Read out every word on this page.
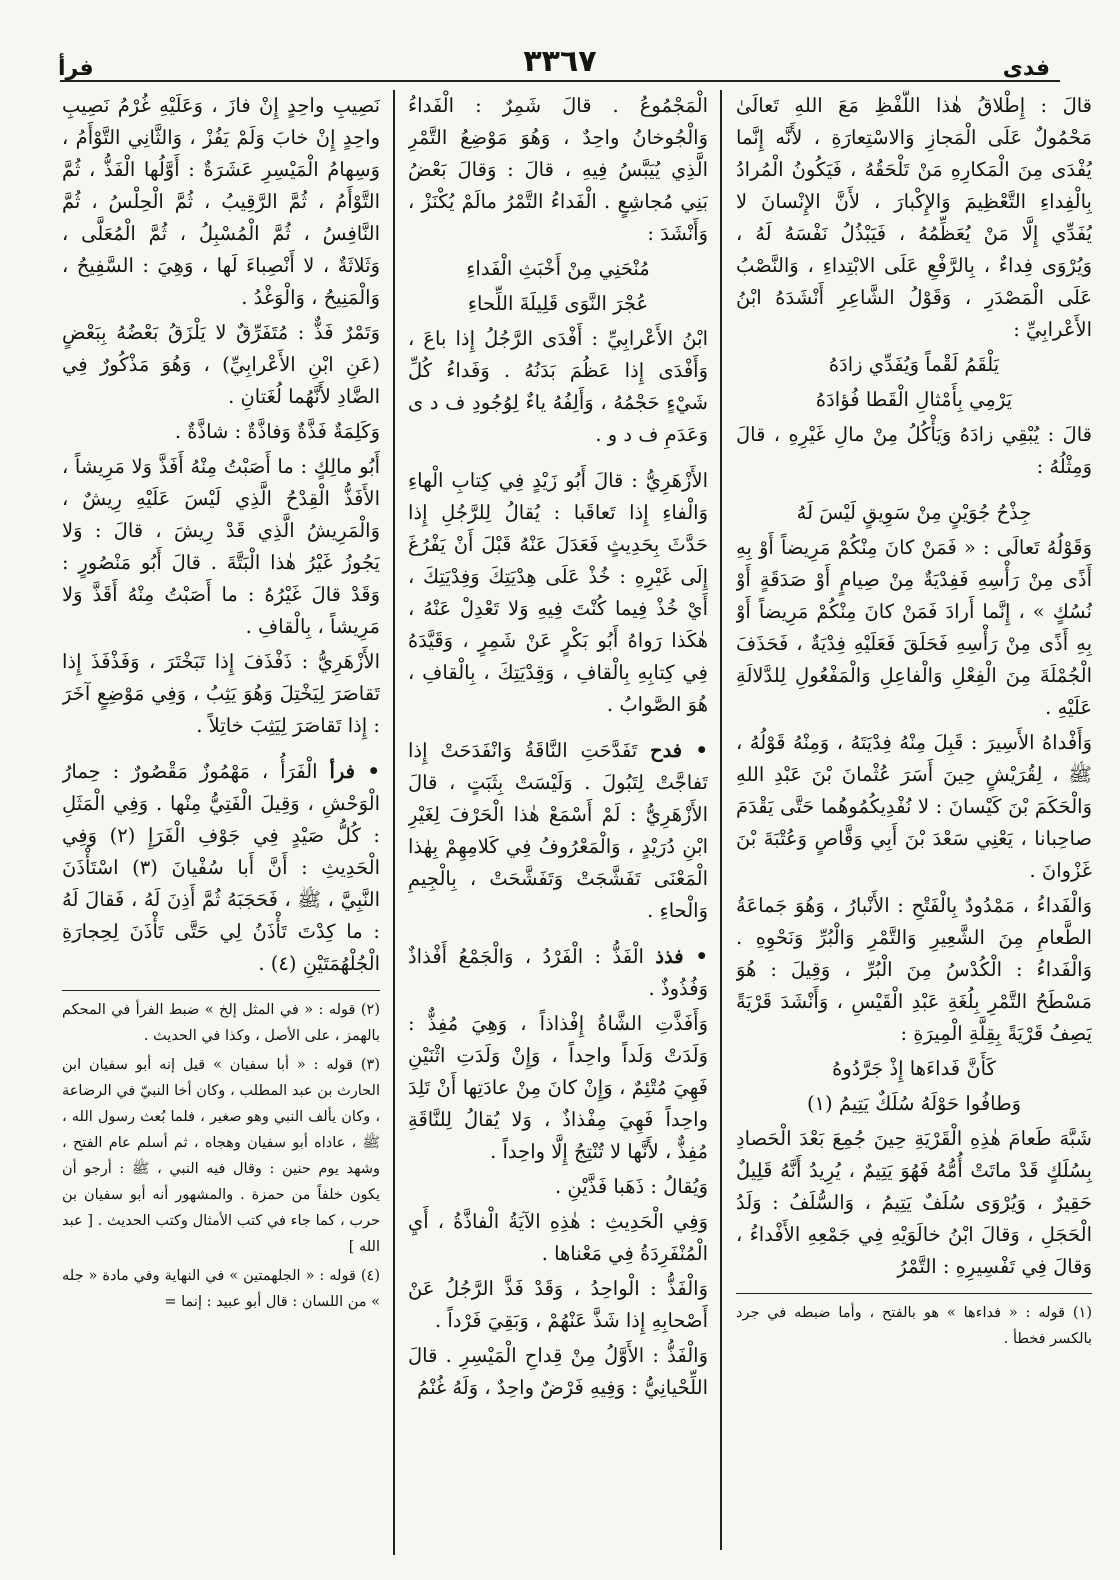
فدى
٣٣٦٧
فرأ

قالَ : إِطْلاقُ هٰذا اللَّفْظِ مَعَ اللهِ تَعالَىٰ مَحْمُولٌ عَلَى الْمَجازِ وَالاسْتِعارَةِ ، لأَنَّه إِنَّما يُفْدَى مِنَ الْمَكارِهِ مَنْ تَلْحَقُهُ ، فَيَكُونُ الْمُرادُ بِالْفِداءِ التَّعْظِيمَ وَالإِكْبارَ ، لأَنَّ الإِنْسانَ لا يُفَدِّي إِلَّا مَنْ يُعَظِّمُهُ ، فَيَبْذُلُ نَفْسَهُ لَهُ ، وَيُرْوَى فِداءٌ ، بِالرَّفْعِ عَلَى الابْتِداءِ ، وَالنَّصْبُ عَلَى الْمَصْدَرِ ، وَقَوْلُ الشَّاعِرِ أَنْشَدَهُ ابْنُ الأَعْرابِيِّ :

يَلْقَمُ لَقْماً وَيُفَدِّي زادَهُ

يَرْمِي بِأَمْثالِ الْقَطا فُؤادَهُ

قالَ : يُبْقِي زادَهُ وَيَأْكُلُ مِنْ مالِ غَيْرِهِ ، قالَ وَمِثْلُهُ :

جِذْحُ جُوَيْنٍ مِنْ سَوِيقٍ لَيْسَ لَهُ

وَقَوْلُهُ تَعالَى : « فَمَنْ كانَ مِنْكُمْ مَرِيضاً أَوْ بِهِ أَذًى مِنْ رَأْسِهِ فَفِدْيَةٌ مِنْ صِيامٍ أَوْ صَدَقَةٍ أَوْ نُسُكٍ » ، إِنَّما أَرادَ فَمَنْ كانَ مِنْكُمْ مَرِيضاً أَوْ بِهِ أَذًى مِنْ رَأْسِهِ فَحَلَقَ فَعَلَيْهِ فِدْيَةٌ ، فَحَذَفَ الْجُمْلَةَ مِنَ الْفِعْلِ وَالْفاعِلِ وَالْمَفْعُولِ لِلدَّلالَةِ عَلَيْهِ .

وَأَفْداهُ الأَسِيرَ : قَبِلَ مِنْهُ فِدْيَتَهُ ، وَمِنْهُ قَوْلُهُ ، ﷺ ، لِقُرَيْشٍ حِينَ أَسَرَ عُثْمانَ بْنَ عَبْدِ اللهِ وَالْحَكَمَ بْنَ كَيْسانَ : لا نُفْدِيكُمُوهُما حَتَّى يَقْدَمَ صاحِبانا ، يَعْنِي سَعْدَ بْنَ أَبِي وَقَّاصٍ وَعُتْبَةَ بْنَ غَزْوانَ .

وَالْفَداءُ ، مَمْدُودٌ بِالْفَتْحِ : الأَنْبارُ ، وَهُوَ جَماعَةُ الطَّعامِ مِنَ الشَّعِيرِ وَالتَّمْرِ وَالْبُرِّ وَنَحْوِهِ . وَالْفَداءُ : الْكُدْسُ مِنَ الْبُرِّ ، وَقِيلَ : هُوَ مَسْطَحُ التَّمْرِ بِلُغَةِ عَبْدِ الْقَيْسِ ، وَأَنْشَدَ قَرْيَةً يَصِفُ قَرْيَةً بِقِلَّةِ الْمِيرَةِ :

كَأَنَّ فَداءَها إِذْ جَرَّدُوهُ

وَطافُوا حَوْلَهُ سُلَكٌ يَتِيمُ (١)

شَبَّهَ طَعامَ هٰذِهِ الْقَرْيَةِ حِينَ جُمِعَ بَعْدَ الْحَصادِ بِسُلَكٍ قَدْ ماتَتْ أُمُّهُ فَهُوَ يَتِيمٌ ، يُرِيدُ أَنَّهُ قَلِيلٌ حَقِيرٌ ، وَيُرْوَى سُلَفٌ يَتِيمُ ، وَالسُّلَفُ : وَلَدُ الْحَجَلِ ، وَقالَ ابْنُ خالَوَيْهِ فِي جَمْعِهِ الأَفْداءُ ، وَقالَ فِي تَفْسِيرِهِ : التَّمْرُ

(١) قوله : « فداءها » هو بالفتح ، وأما ضبطه في جرد بالكسر فخطأ .

الْمَجْمُوعُ . قالَ شَمِرٌ : الْفَداءُ وَالْجُوخانُ واحِدٌ ، وَهُوَ مَوْضِعُ التَّمْرِ الَّذِي يُيَبَّسُ فِيهِ ، قالَ : وَقالَ بَعْضُ بَنِي مُجاشِعٍ . الْفَداءُ التَّمْرُ مالَمْ يُكْنَزْ ، وَأَنْشَدَ :

مُنْحَنِي مِنْ أَخْبَثِ الْفَداءِ

عُجْرَ النَّوَى قَلِيلَةَ اللِّحاءِ

ابْنُ الأَعْرابِيِّ : أَفْدَى الرَّجُلُ إِذا باعَ ، وَأَفْدَى إِذا عَظُمَ بَدَنُهُ . وَفَداءُ كُلِّ شَيْءٍ حَجْمُهُ ، وَأَلِفُهُ ياءٌ لِوُجُودِ ف د ى وَعَدَمِ ف د و .

الأَزْهَرِيُّ : قالَ أَبُو زَيْدٍ فِي كِتابِ الْهاءِ وَالْفاءِ إِذا تَعاقَبا : يُقالُ لِلرَّجُلِ إِذا حَدَّثَ بِحَدِيثٍ فَعَدَلَ عَنْهُ قَبْلَ أَنْ يَفْرُغَ إِلَى غَيْرِهِ : خُذْ عَلَى هِدْيَتِكَ وَفِدْيَتِكَ ، أَيْ خُذْ فِيما كُنْتَ فِيهِ وَلا تَعْدِلْ عَنْهُ ، هٰكَذا رَواهُ أَبُو بَكْرٍ عَنْ شَمِرٍ ، وَقَيَّدَهُ فِي كِتابِهِ بِالْقافِ ، وَقِدْيَتِكَ ، بِالْقافِ ، هُوَ الصَّوابُ .

• فدح تَفَدَّحَتِ النَّاقَةُ وَانْفَدَحَتْ إِذا تَفاجَّتْ لِتَبُولَ . وَلَيْسَتْ بِثَبَتٍ ، قالَ الأَزْهَرِيُّ : لَمْ أَسْمَعْ هٰذا الْحَرْفَ لِغَيْرِ ابْنِ دُرَيْدٍ ، وَالْمَعْرُوفُ فِي كَلامِهِمْ بِهٰذا الْمَعْنَى تَفَشَّجَتْ وَتَفَشَّحَتْ ، بِالْجِيمِ وَالْحاءِ .

• فذذ الْفَذُّ : الْفَرْدُ ، وَالْجَمْعُ أَفْذاذٌ وَفُذُوذٌ .

وَأَفَذَّتِ الشَّاةُ إِفْذاذاً ، وَهِيَ مُفِذٌّ : وَلَدَتْ وَلَداً واحِداً ، وَإِنْ وَلَدَتِ اثْنَيْنِ فَهِيَ مُتْئِمٌ ، وَإِنْ كانَ مِنْ عادَتِها أَنْ تَلِدَ واحِداً فَهِيَ مِفْذاذٌ ، وَلا يُقالُ لِلنَّاقَةِ مُفِذٌّ ، لأَنَّها لا تُنْتِجُ إِلَّا واحِداً .

وَيُقالُ : ذَهَبا فَذَّيْنِ .

وَفِي الْحَدِيثِ : هٰذِهِ الآيَةُ الْفاذَّةُ ، أَيِ الْمُنْفَرِدَةُ فِي مَعْناها .

وَالْفَذُّ : الْواحِدُ ، وَقَدْ فَذَّ الرَّجُلُ عَنْ أَصْحابِهِ إِذا شَذَّ عَنْهُمْ ، وَبَقِيَ فَرْداً .

وَالْفَذُّ : الأَوَّلُ مِنْ قِداحِ الْمَيْسِرِ . قالَ اللِّحْيانِيُّ : وَفِيهِ فَرْضٌ واحِدٌ ، وَلَهُ غُنْمُ

نَصِيبِ واحِدٍ إِنْ فازَ ، وَعَلَيْهِ غُرْمُ نَصِيبِ واحِدٍ إِنْ خابَ وَلَمْ يَفُزْ ، وَالثَّانِي التَّوْأَمُ ، وَسِهامُ الْمَيْسِرِ عَشَرَةٌ : أَوَّلُها الْفَذُّ ، ثُمَّ التَّوْأَمُ ، ثُمَّ الرَّقِيبُ ، ثُمَّ الْحِلْسُ ، ثُمَّ النَّافِسُ ، ثُمَّ الْمُسْبِلُ ، ثُمَّ الْمُعَلَّى ، وَثَلاثَةٌ ، لا أَنْصِباءَ لَها ، وَهِيَ : السَّفِيحُ ، وَالْمَنِيحُ ، وَالْوَغْدُ .

وَتَمْرٌ فَذٌّ : مُتَفَرِّقٌ لا يَلْزَقُ بَعْضُهُ بِبَعْضٍ (عَنِ ابْنِ الأَعْرابِيِّ) ، وَهُوَ مَذْكُورٌ فِي الضَّادِ لأَنَّهُما لُغَتانِ .

وَكَلِمَةٌ فَذَّةٌ وَفاذَّةٌ : شاذَّةٌ .

أَبُو مالِكٍ : ما أَصَبْتُ مِنْهُ أَفَذَّ وَلا مَرِيشاً ، الأَفَذُّ الْقِدْحُ الَّذِي لَيْسَ عَلَيْهِ رِيشٌ ، وَالْمَرِيشُ الَّذِي قَدْ رِيشَ ، قالَ : وَلا يَجُوزُ غَيْرُ هٰذا الْبَتَّةَ . قالَ أَبُو مَنْصُورٍ : وَقَدْ قالَ غَيْرُهُ : ما أَصَبْتُ مِنْهُ أَقَذَّ وَلا مَرِيشاً ، بِالْقافِ .

الأَزْهَرِيُّ : ذَفْذَفَ إِذا تَبَخْتَرَ ، وَفَذْفَذَ إِذا تَقاصَرَ لِيَخْتِلَ وَهُوَ يَثِبُ ، وَفِي مَوْضِعٍ آخَرَ : إِذا تَقاصَرَ لِيَثِبَ خاتِلاً .

• فرأ الْفَرَأُ ، مَهْمُوزٌ مَقْصُورٌ : حِمارُ الْوَحْشِ ، وَقِيلَ الْفَتِيُّ مِنْها . وَفِي الْمَثَلِ : كُلُّ صَيْدٍ فِي جَوْفِ الْفَرَإِ (٢) وَفِي الْحَدِيثِ : أَنَّ أَبا سُفْيانَ (٣) اسْتَأْذَنَ النَّبِيَّ ، ﷺ ، فَحَجَبَهُ ثُمَّ أَذِنَ لَهُ ، فَقالَ لَهُ : ما كِدْتَ تَأْذَنُ لِي حَتَّى تَأْذَنَ لِحِجارَةِ الْجُلْهُمَتَيْنِ (٤) .

(٢) قوله : « في المثل إلخ » ضبط الفرأ في المحكم بالهمز ، على الأصل ، وكذا في الحديث .

(٣) قوله : « أبا سفيان » قيل إنه أبو سفيان ابن الحارث بن عبد المطلب ، وكان أخا النبيّ في الرضاعة ، وكان يألف النبي وهو صغير ، فلما بُعث رسول الله ، ﷺ ، عاداه أبو سفيان وهجاه ، ثم أسلم عام الفتح ، وشهد يوم حنين : وقال فيه النبي ، ﷺ : أرجو أن يكون خلفاً من حمزة . والمشهور أنه أبو سفيان بن حرب ، كما جاء في كتب الأمثال وكتب الحديث . [ عبد الله ]

(٤) قوله : « الجلهمتين » في النهاية وفي مادة « جله » من اللسان : قال أبو عبيد : إنما =
